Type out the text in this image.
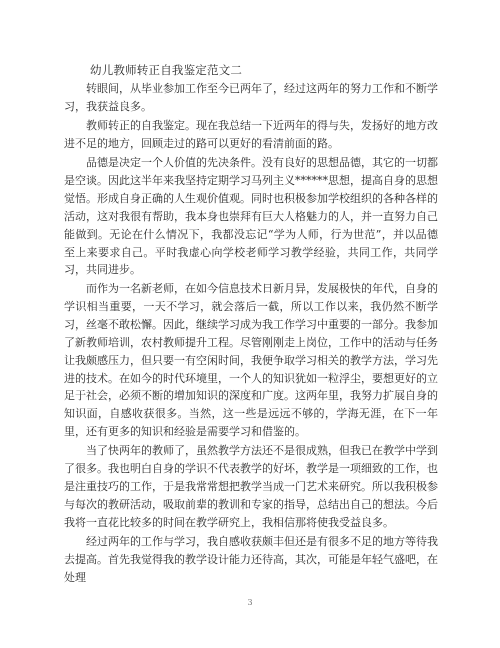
幼儿教师转正自我鉴定范文二

转眼间，从毕业参加工作至今已两年了，经过这两年的努力工作和不断学习，我获益良多。

教师转正的自我鉴定。现在我总结一下近两年的得与失，发扬好的地方改进不足的地方，回顾走过的路可以更好的看清前面的路。

品德是决定一个人价值的先决条件。没有良好的思想品德，其它的一切都是空谈。因此这半年来我坚持定期学习马列主义******思想，提高自身的思想觉悟。形成自身正确的人生观价值观。同时也积极参加学校组织的各种各样的活动，这对我很有帮助，我本身也崇拜有巨大人格魅力的人，并一直努力自己能做到。无论在什么情况下，我都没忘记“学为人师，行为世范”，并以品德至上来要求自己。平时我虚心向学校老师学习教学经验，共同工作，共同学习，共同进步。

而作为一名新老师，在如今信息技术日新月异，发展极快的年代，自身的学识相当重要，一天不学习，就会落后一截，所以工作以来，我仍然不断学习，丝毫不敢松懈。因此，继续学习成为我工作学习中重要的一部分。我参加了新教师培训，农村教师提升工程。尽管刚刚走上岗位，工作中的活动与任务让我颇感压力，但只要一有空闲时间，我便争取学习相关的教学方法，学习先进的技术。在如今的时代环境里，一个人的知识犹如一粒浮尘，要想更好的立足于社会，必须不断的增加知识的深度和广度。这两年里，我努力扩展自身的知识面，自感收获很多。当然，这一些是远远不够的，学海无涯，在下一年里，还有更多的知识和经验是需要学习和借鉴的。

当了快两年的教师了，虽然教学方法还不是很成熟，但我已在教学中学到了很多。我也明白自身的学识不代表教学的好坏，教学是一项细致的工作，也是注重技巧的工作，于是我常常想把教学当成一门艺术来研究。所以我积极参与每次的教研活动，吸取前辈的教训和专家的指导，总结出自己的想法。今后我将一直花比较多的时间在教学研究上，我相信那将使我受益良多。

经过两年的工作与学习，我自感收获颇丰但还是有很多不足的地方等待我去提高。首先我觉得我的教学设计能力还待高，其次，可能是年轻气盛吧，在处理

3
